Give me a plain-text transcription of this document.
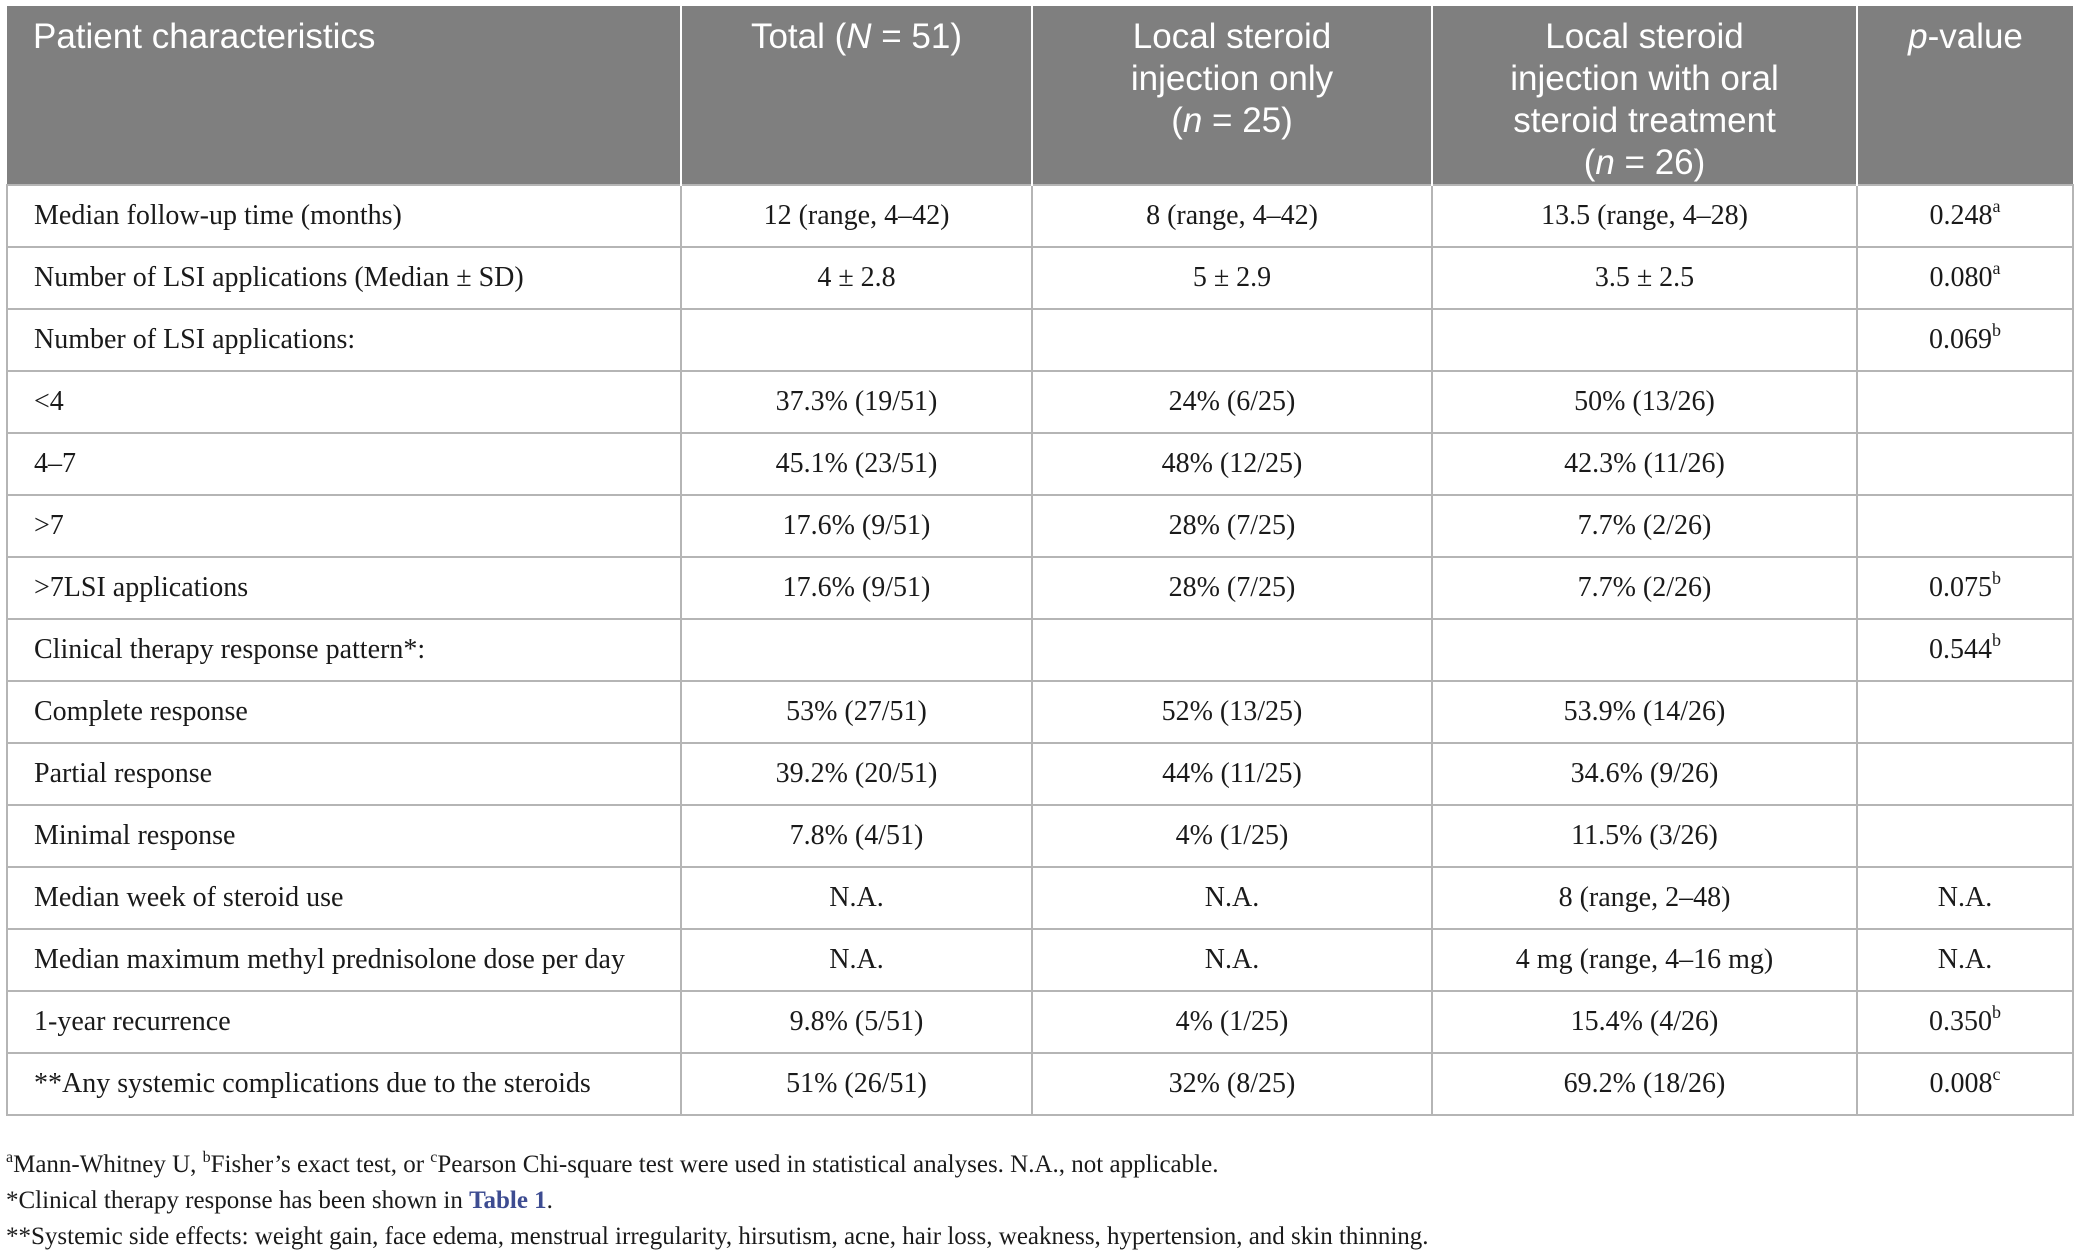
Patient characteristics	Total (N = 51)	Local steroid
injection only
(n = 25)	Local steroid
injection with oral
steroid treatment
(n = 26)	p-value
Median follow-up time (months)	12 (range, 4–42)	8 (range, 4–42)	13.5 (range, 4–28)	0.248$^a$
Number of LSI applications (Median ± SD)	4 ± 2.8	5 ± 2.9	3.5 ± 2.5	0.080$^a$
Number of LSI applications:				0.069$^b$
<4	37.3% (19/51)	24% (6/25)	50% (13/26)	
4–7	45.1% (23/51)	48% (12/25)	42.3% (11/26)	
>7	17.6% (9/51)	28% (7/25)	7.7% (2/26)	
>7LSI applications	17.6% (9/51)	28% (7/25)	7.7% (2/26)	0.075$^b$
Clinical therapy response pattern*:				0.544$^b$
Complete response	53% (27/51)	52% (13/25)	53.9% (14/26)	
Partial response	39.2% (20/51)	44% (11/25)	34.6% (9/26)	
Minimal response	7.8% (4/51)	4% (1/25)	11.5% (3/26)	
Median week of steroid use	N.A.	N.A.	8 (range, 2–48)	N.A.
Median maximum methyl prednisolone dose per day	N.A.	N.A.	4 mg (range, 4–16 mg)	N.A.
1-year recurrence	9.8% (5/51)	4% (1/25)	15.4% (4/26)	0.350$^b$
**Any systemic complications due to the steroids	51% (26/51)	32% (8/25)	69.2% (18/26)	0.008$^c$
$^a$Mann-Whitney U, $^b$Fisher’s exact test, or $^c$Pearson Chi-square test were used in statistical analyses. N.A., not applicable.
*Clinical therapy response has been shown in Table 1.
**Systemic side effects: weight gain, face edema, menstrual irregularity, hirsutism, acne, hair loss, weakness, hypertension, and skin thinning.
